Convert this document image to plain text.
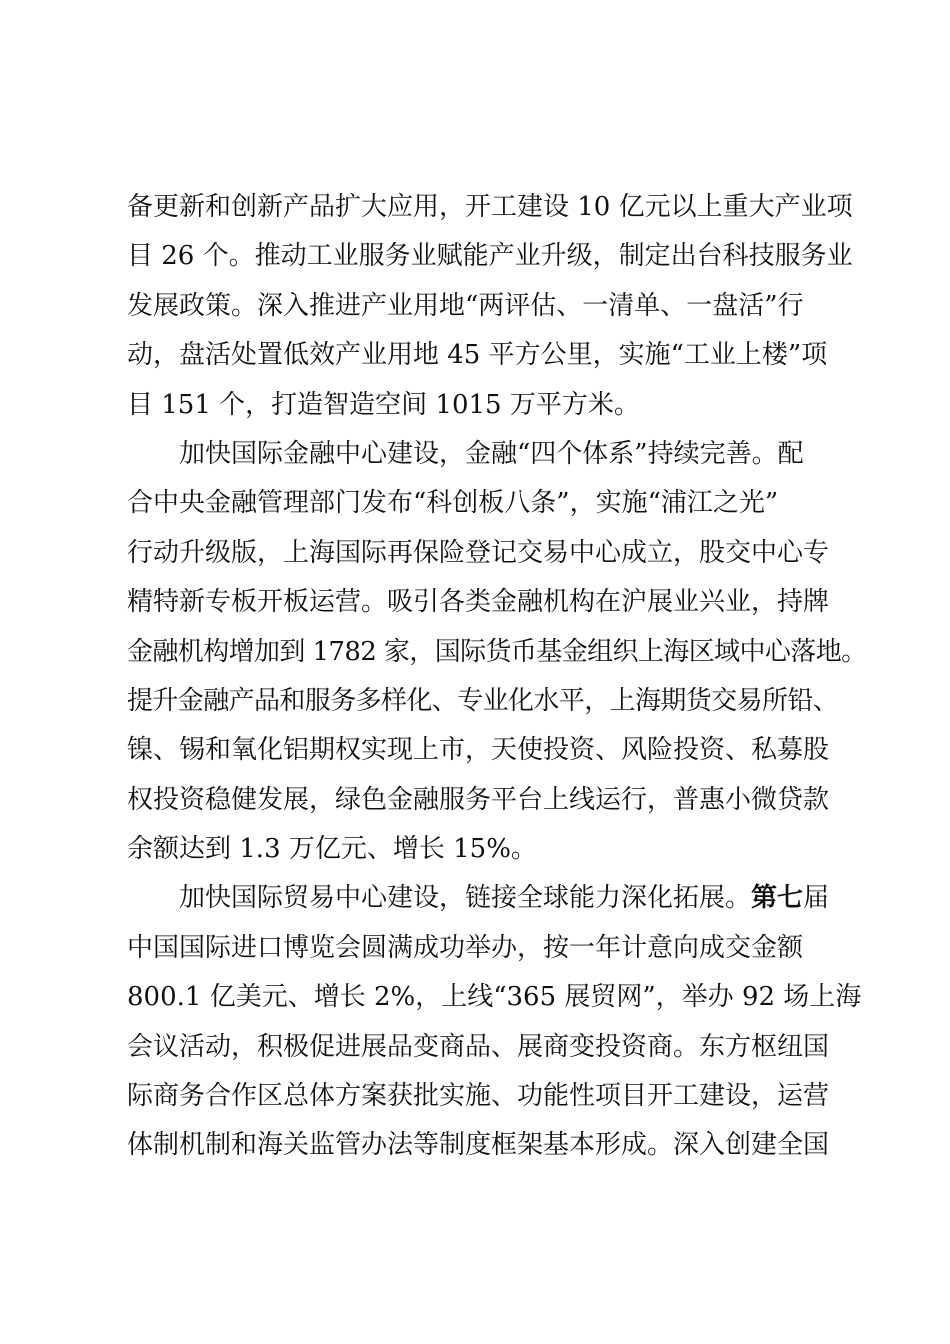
备更新和创新产品扩大应用，开工建设 10 亿元以上重大产业项
目 26 个。推动工业服务业赋能产业升级，制定出台科技服务业
发展政策。深入推进产业用地“两评估、一清单、一盘活”行
动，盘活处置低效产业用地 45 平方公里，实施“工业上楼”项
目 151 个，打造智造空间 1015 万平方米。
加快国际金融中心建设，金融“四个体系”持续完善。配
合中央金融管理部门发布“科创板八条”，实施“浦江之光”
行动升级版，上海国际再保险登记交易中心成立，股交中心专
精特新专板开板运营。吸引各类金融机构在沪展业兴业，持牌
金融机构增加到 1782 家，国际货币基金组织上海区域中心落地。
提升金融产品和服务多样化、专业化水平，上海期货交易所铅、
镍、锡和氧化铝期权实现上市，天使投资、风险投资、私募股
权投资稳健发展，绿色金融服务平台上线运行，普惠小微贷款
余额达到 1.3 万亿元、增长 15%。
加快国际贸易中心建设，链接全球能力深化拓展。第七届
中国国际进口博览会圆满成功举办，按一年计意向成交金额
800.1 亿美元、增长 2%，上线“365 展贸网”，举办 92 场上海
会议活动，积极促进展品变商品、展商变投资商。东方枢纽国
际商务合作区总体方案获批实施、功能性项目开工建设，运营
体制机制和海关监管办法等制度框架基本形成。深入创建全国
